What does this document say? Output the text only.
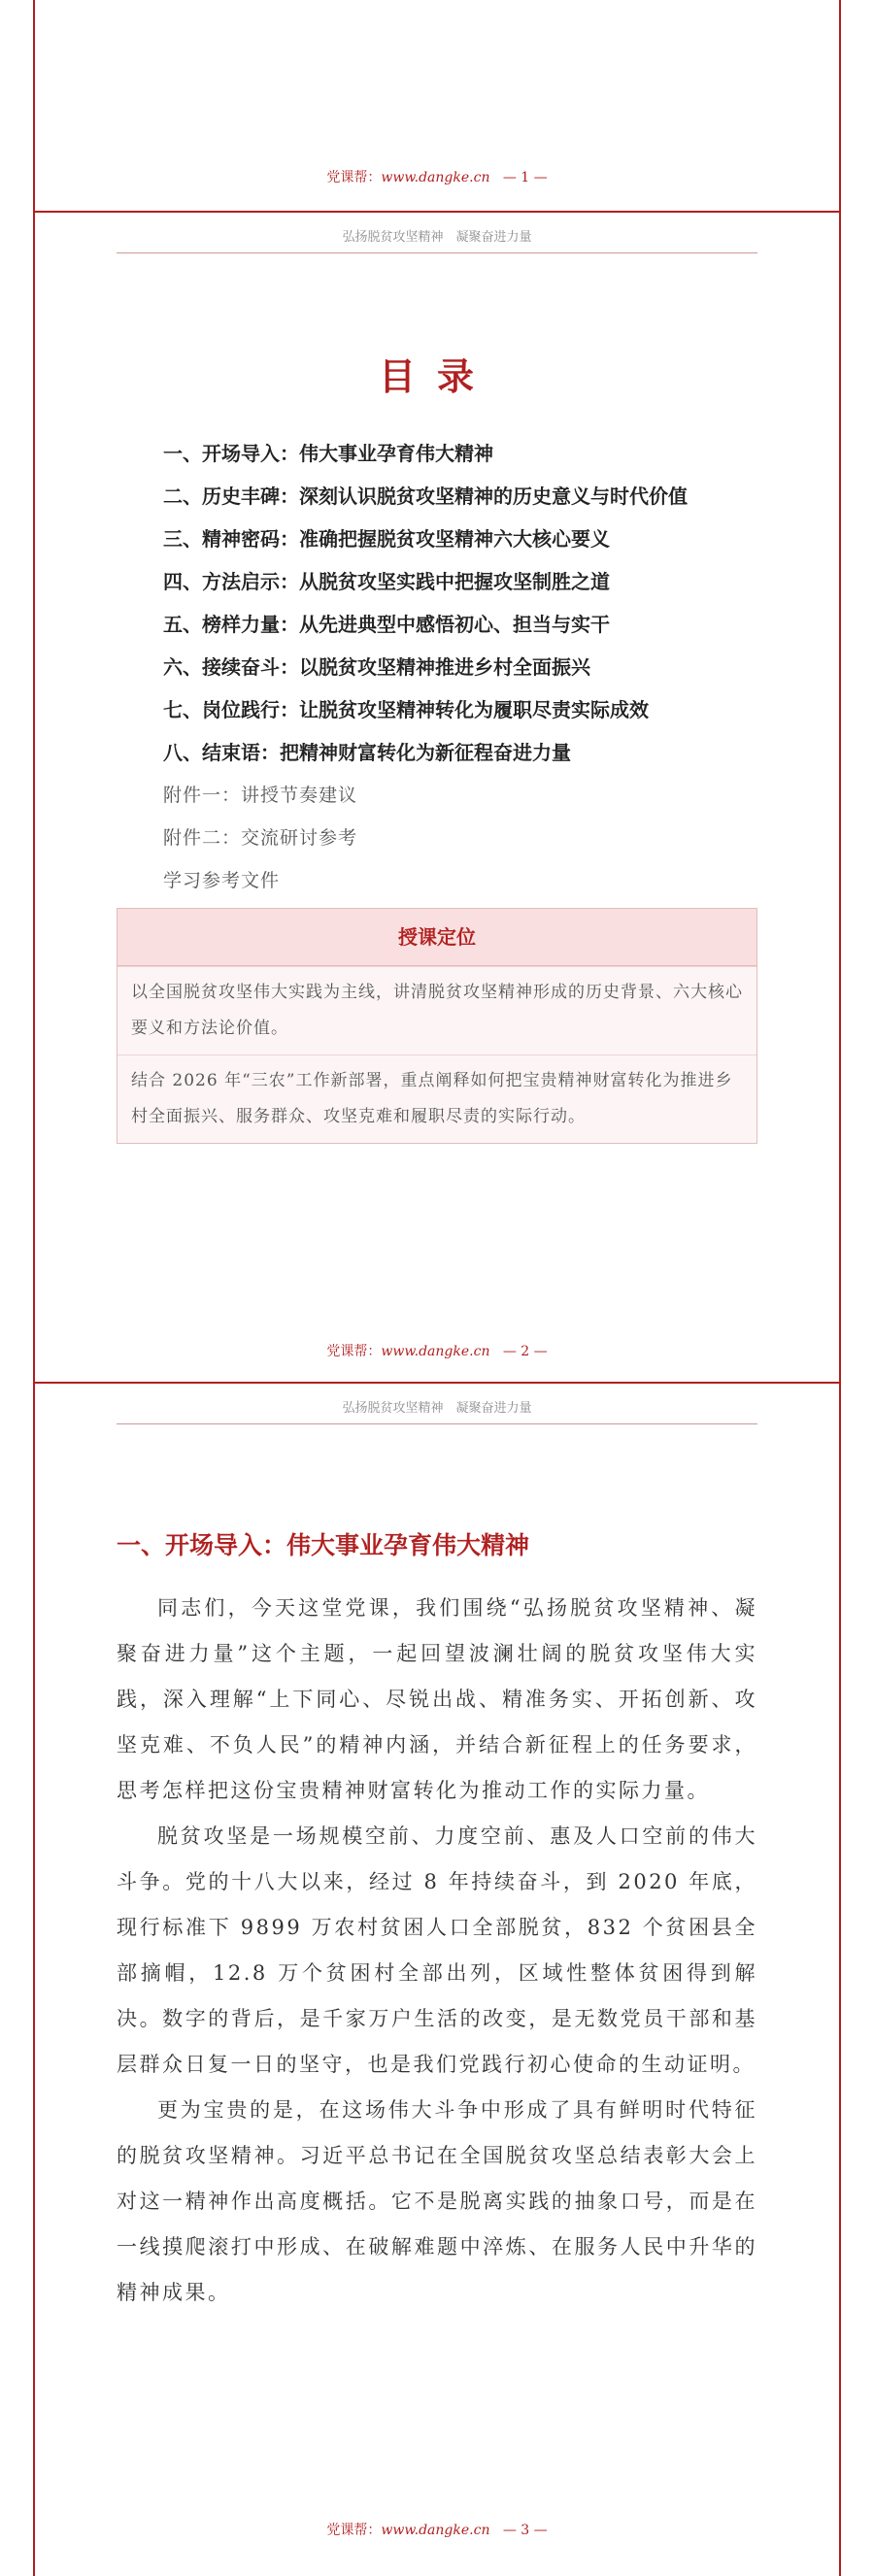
党课帮：www.dangke.cn — 1 —
弘扬脱贫攻坚精神　凝聚奋进力量
目录
一、开场导入：伟大事业孕育伟大精神
二、历史丰碑：深刻认识脱贫攻坚精神的历史意义与时代价值
三、精神密码：准确把握脱贫攻坚精神六大核心要义
四、方法启示：从脱贫攻坚实践中把握攻坚制胜之道
五、榜样力量：从先进典型中感悟初心、担当与实干
六、接续奋斗：以脱贫攻坚精神推进乡村全面振兴
七、岗位践行：让脱贫攻坚精神转化为履职尽责实际成效
八、结束语：把精神财富转化为新征程奋进力量
附件一：讲授节奏建议
附件二：交流研讨参考
学习参考文件
授课定位
以全国脱贫攻坚伟大实践为主线，讲清脱贫攻坚精神形成的历史背景、六大核心要义和方法论价值。
结合 2026 年“三农”工作新部署，重点阐释如何把宝贵精神财富转化为推进乡村全面振兴、服务群众、攻坚克难和履职尽责的实际行动。
党课帮：www.dangke.cn — 2 —
弘扬脱贫攻坚精神　凝聚奋进力量
一、开场导入：伟大事业孕育伟大精神

同志们，今天这堂党课，我们围绕“弘扬脱贫攻坚精神、凝聚奋进力量”这个主题，一起回望波澜壮阔的脱贫攻坚伟大实践，深入理解“上下同心、尽锐出战、精准务实、开拓创新、攻坚克难、不负人民”的精神内涵，并结合新征程上的任务要求，思考怎样把这份宝贵精神财富转化为推动工作的实际力量。

脱贫攻坚是一场规模空前、力度空前、惠及人口空前的伟大斗争。党的十八大以来，经过 8 年持续奋斗，到 2020 年底，现行标准下 9899 万农村贫困人口全部脱贫，832 个贫困县全部摘帽，12.8 万个贫困村全部出列，区域性整体贫困得到解决。数字的背后，是千家万户生活的改变，是无数党员干部和基层群众日复一日的坚守，也是我们党践行初心使命的生动证明。

更为宝贵的是，在这场伟大斗争中形成了具有鲜明时代特征的脱贫攻坚精神。习近平总书记在全国脱贫攻坚总结表彰大会上对这一精神作出高度概括。它不是脱离实践的抽象口号，而是在一线摸爬滚打中形成、在破解难题中淬炼、在服务人民中升华的精神成果。

党课帮：www.dangke.cn — 3 —
